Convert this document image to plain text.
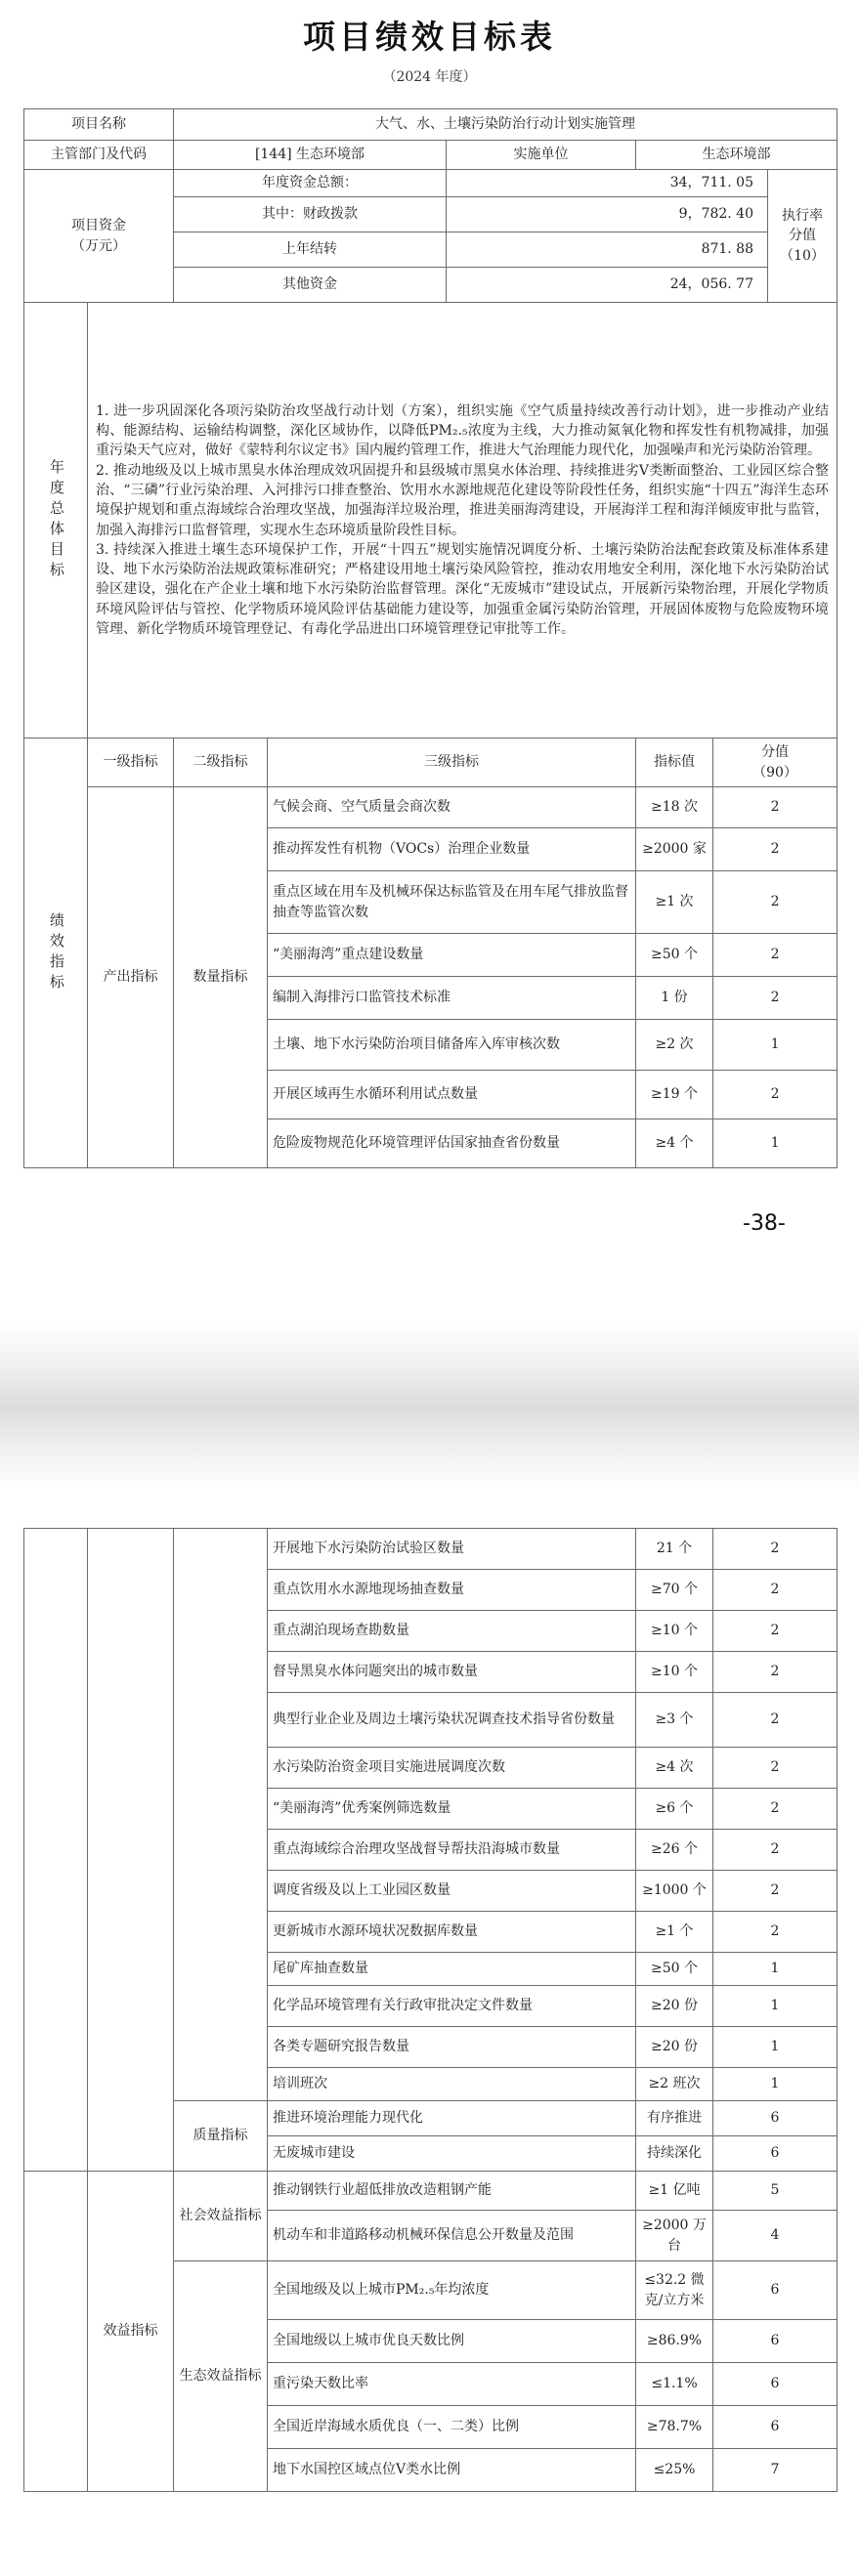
项目绩效目标表
（2024 年度）
项目名称		大气、水、土壤污染防治行动计划实施管理					
主管部门及代码		[144] 生态环境部		实施单位	生态环境部		
项目资金
（万元）		年度资金总额：		34，711. 05			执行率
分值
（10）
		其中：财政拨款		9，782. 40			
		上年结转		871. 88			
		其他资金		24，056. 77			

年度总体目标	1. 进一步巩固深化各项污染防治攻坚战行动计划（方案），组织实施《空气质量持续改善行动计划》，进一步推动产业结构、能源结构、运输结构调整，深化区域协作，以降低PM₂.₅浓度为主线，大力推动氮氧化物和挥发性有机物减排，加强重污染天气应对，做好《蒙特利尔议定书》国内履约管理工作，推进大气治理能力现代化，加强噪声和光污染防治管理。

2. 推动地级及以上城市黑臭水体治理成效巩固提升和县级城市黑臭水体治理、持续推进劣Ⅴ类断面整治、工业园区综合整治、“三磷”行业污染治理、入河排污口排查整治、饮用水水源地规范化建设等阶段性任务，组织实施“十四五”海洋生态环境保护规划和重点海域综合治理攻坚战，加强海洋垃圾治理，推进美丽海湾建设，开展海洋工程和海洋倾废审批与监管，加强入海排污口监督管理，实现水生态环境质量阶段性目标。

3. 持续深入推进土壤生态环境保护工作，开展“十四五”规划实施情况调度分析、土壤污染防治法配套政策及标准体系建设、地下水污染防治法规政策标准研究；严格建设用地土壤污染风险管控，推动农用地安全利用，深化地下水污染防治试验区建设，强化在产企业土壤和地下水污染防治监督管理。深化“无废城市”建设试点，开展新污染物治理，开展化学物质环境风险评估与管控、化学物质环境风险评估基础能力建设等，加强重金属污染防治管理，开展固体废物与危险废物环境管理、新化学物质环境管理登记、有毒化学品进出口环境管理登记审批等工作。						

绩效指标	一级指标	二级指标	三级指标		指标值	分值
（90）	
	产出指标	数量指标	气候会商、空气质量会商次数		≥18 次	2	
			推动挥发性有机物（VOCs）治理企业数量		≥2000 家	2	
			重点区域在用车及机械环保达标监管及在用车尾气排放监督抽查等监管次数		≥1 次	2	
			“美丽海湾”重点建设数量		≥50 个	2	
			编制入海排污口监管技术标准		1 份	2	
			土壤、地下水污染防治项目储备库入库审核次数		≥2 次	1	
			开展区域再生水循环利用试点数量		≥19 个	2	
			危险废物规范化环境管理评估国家抽查省份数量		≥4 个	1	
-38-
			开展地下水污染防治试验区数量	21 个	2
			重点饮用水水源地现场抽查数量	≥70 个	2
			重点湖泊现场查勘数量	≥10 个	2
			督导黑臭水体问题突出的城市数量	≥10 个	2
			典型行业企业及周边土壤污染状况调查技术指导省份数量	≥3 个	2
			水污染防治资金项目实施进展调度次数	≥4 次	2
			“美丽海湾”优秀案例筛选数量	≥6 个	2
			重点海域综合治理攻坚战督导帮扶沿海城市数量	≥26 个	2
			调度省级及以上工业园区数量	≥1000 个	2
			更新城市水源环境状况数据库数量	≥1 个	2
			尾矿库抽查数量	≥50 个	1
			化学品环境管理有关行政审批决定文件数量	≥20 份	1
			各类专题研究报告数量	≥20 份	1
			培训班次	≥2 班次	1
		质量指标	推进环境治理能力现代化	有序推进	6
			无废城市建设	持续深化	6
	效益指标	社会效益指标	推动钢铁行业超低排放改造粗钢产能	≥1 亿吨	5
			机动车和非道路移动机械环保信息公开数量及范围	≥2000 万台	4
		生态效益指标	全国地级及以上城市PM₂.₅年均浓度	≤32.2 微克/立方米	6
			全国地级以上城市优良天数比例	≥86.9%	6
			重污染天数比率	≤1.1%	6
			全国近岸海域水质优良（一、二类）比例	≥78.7%	6
			地下水国控区域点位Ⅴ类水比例	≤25%	7
